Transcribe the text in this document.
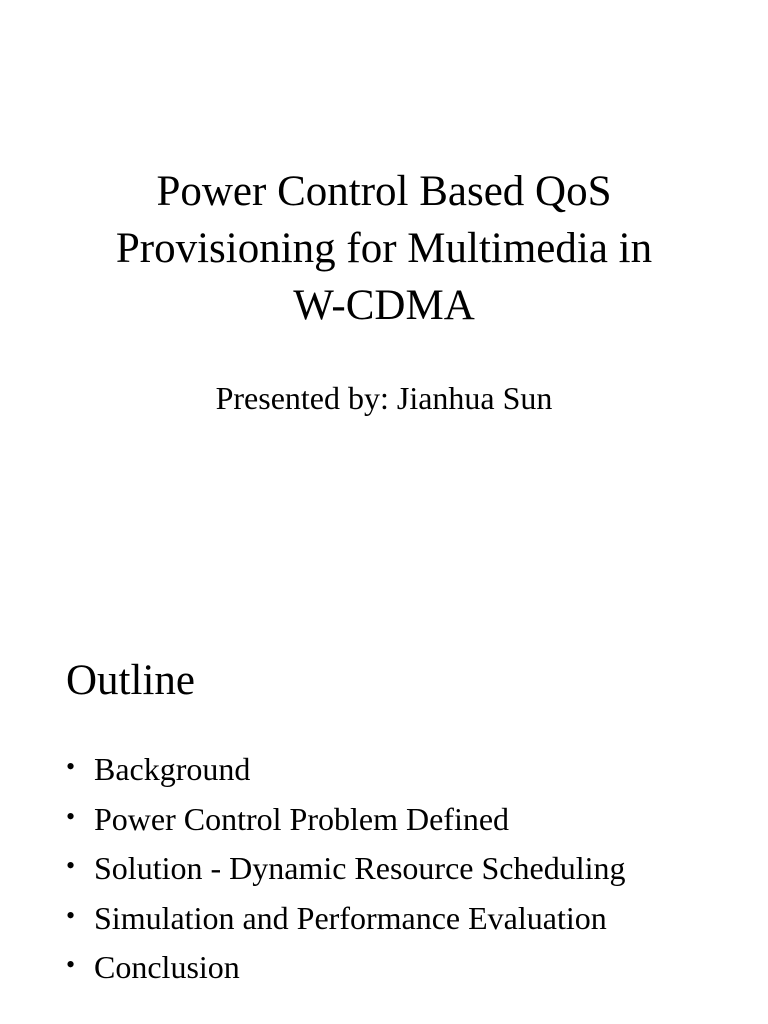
Power Control Based QoS
Provisioning for Multimedia in
W-CDMA

Presented by: Jianhua Sun

Outline
• Background
• Power Control Problem Defined
• Solution - Dynamic Resource Scheduling
• Simulation and Performance Evaluation
• Conclusion
